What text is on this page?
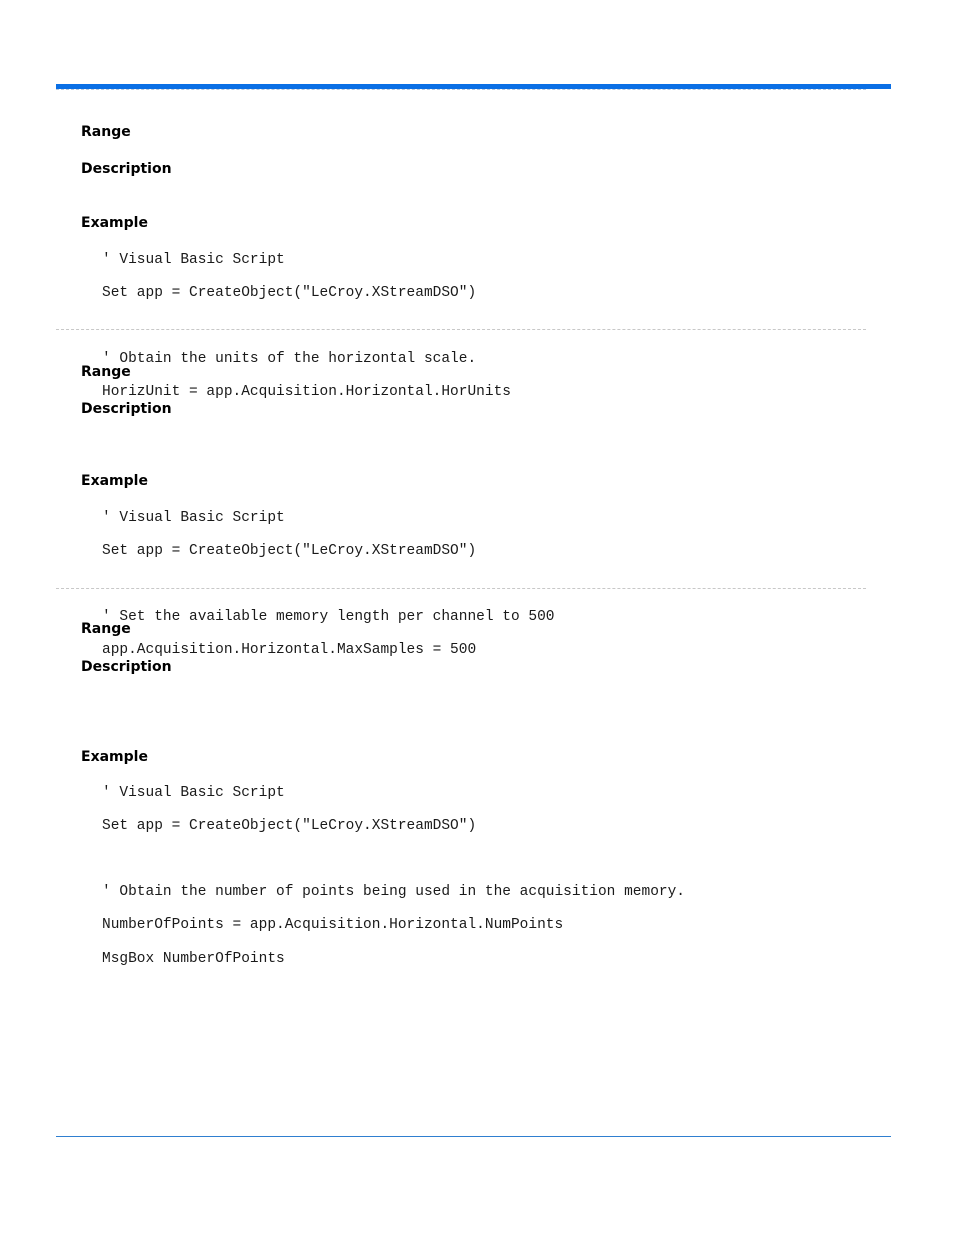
Range
Description
Example

' Visual Basic Script

Set app = CreateObject("LeCroy.XStreamDSO")

' Obtain the units of the horizontal scale.

HorizUnit = app.Acquisition.Horizontal.HorUnits

Range
Description
Example

' Visual Basic Script

Set app = CreateObject("LeCroy.XStreamDSO")

' Set the available memory length per channel to 500

app.Acquisition.Horizontal.MaxSamples = 500

Range
Description
Example

' Visual Basic Script

Set app = CreateObject("LeCroy.XStreamDSO")

' Obtain the number of points being used in the acquisition memory.

NumberOfPoints = app.Acquisition.Horizontal.NumPoints

MsgBox NumberOfPoints
